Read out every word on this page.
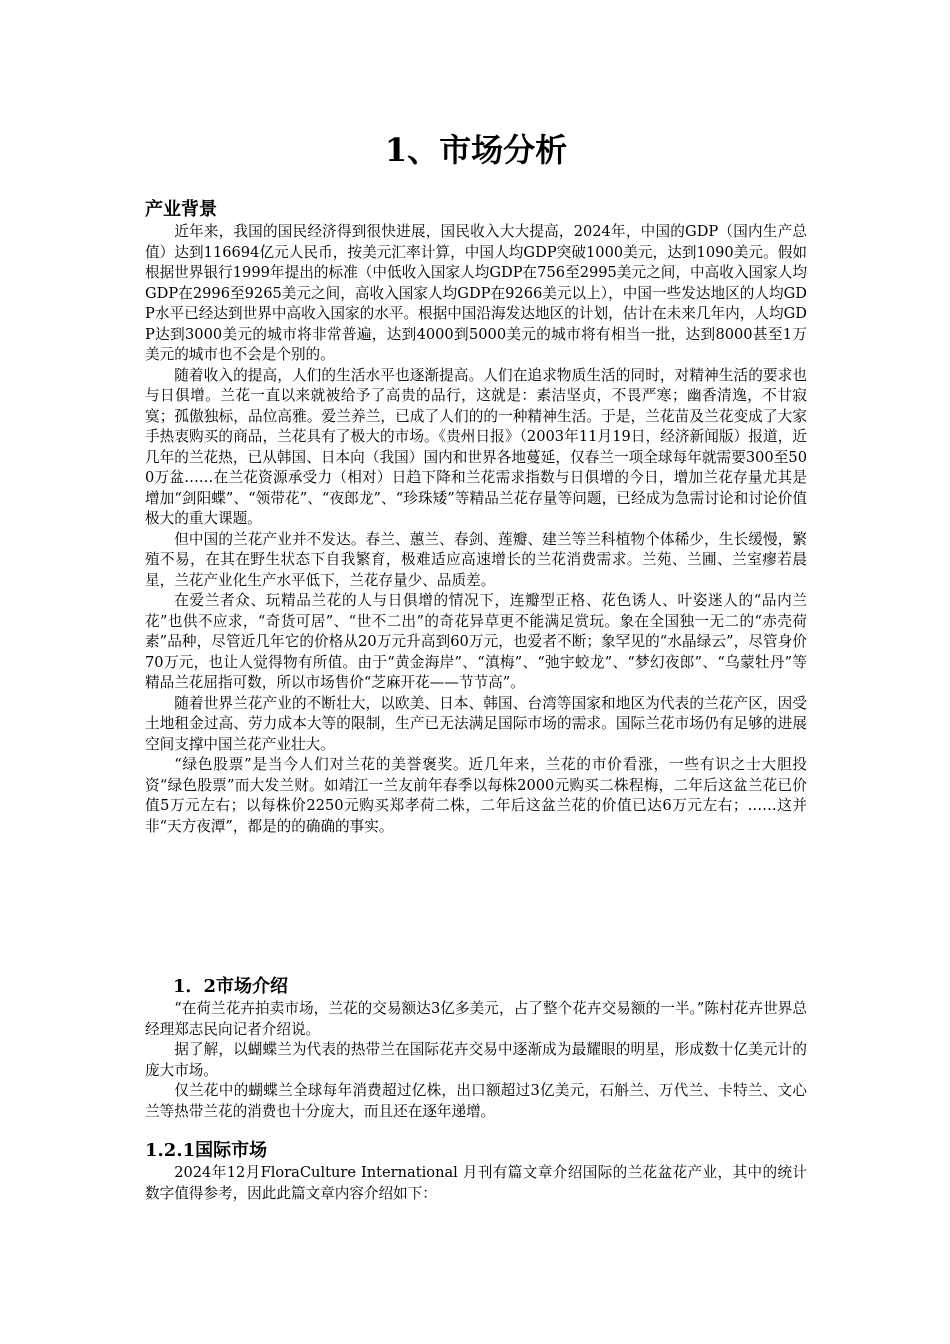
1、市场分析
产业背景

近年来，我国的国民经济得到很快进展，国民收入大大提高，2024年，中国的GDP（国内生产总值）达到116694亿元人民币，按美元汇率计算，中国人均GDP突破1000美元，达到1090美元。假如根据世界银行1999年提出的标准（中低收入国家人均GDP在756至2995美元之间，中高收入国家人均GDP在2996至9265美元之间，高收入国家人均GDP在9266美元以上），中国一些发达地区的人均GDP水平已经达到世界中高收入国家的水平。根据中国沿海发达地区的计划，估计在未来几年内，人均GDP达到3000美元的城市将非常普遍，达到4000到5000美元的城市将有相当一批，达到8000甚至1万美元的城市也不会是个别的。

随着收入的提高，人们的生活水平也逐渐提高。人们在追求物质生活的同时，对精神生活的要求也与日俱增。兰花一直以来就被给予了高贵的品行，这就是：素洁坚贞，不畏严寒；幽香清逸，不甘寂寞；孤傲独标，品位高雅。爱兰养兰，已成了人们的的一种精神生活。于是，兰花苗及兰花变成了大家手热衷购买的商品，兰花具有了极大的市场。《贵州日报》（2003年11月19日，经济新闻版）报道，近几年的兰花热，已从韩国、日本向（我国）国内和世界各地蔓延，仅春兰一项全球每年就需要300至500万盆……在兰花资源承受力（相对）日趋下降和兰花需求指数与日俱增的今日，增加兰花存量尤其是增加“剑阳蝶”、“领带花”、“夜郎龙”、“珍珠矮”等精品兰花存量等问题，已经成为急需讨论和讨论价值极大的重大课题。

但中国的兰花产业并不发达。春兰、蕙兰、春剑、莲瓣、建兰等兰科植物个体稀少，生长缓慢，繁殖不易，在其在野生状态下自我繁育，极难适应高速增长的兰花消费需求。兰苑、兰圃、兰室瘳若晨星，兰花产业化生产水平低下，兰花存量少、品质差。

在爱兰者众、玩精品兰花的人与日俱增的情况下，连瓣型正格、花色诱人、叶姿迷人的“品内兰花”也供不应求，“奇货可居”、“世不二出”的奇花异草更不能满足赏玩。象在全国独一无二的“赤壳荷素”品种，尽管近几年它的价格从20万元升高到60万元，也爱者不断；象罕见的“水晶绿云”，尽管身价70万元，也让人觉得物有所值。由于“黄金海岸”、“滇梅”、“弛宇蛟龙”、“梦幻夜郎”、“乌蒙牡丹”等精品兰花屈指可数，所以市场售价“芝麻开花——节节高”。

随着世界兰花产业的不断壮大，以欧美、日本、韩国、台湾等国家和地区为代表的兰花产区，因受土地租金过高、劳力成本大等的限制，生产已无法满足国际市场的需求。国际兰花市场仍有足够的进展空间支撑中国兰花产业壮大。

“绿色股票”是当今人们对兰花的美誉褒奖。近几年来，兰花的市价看涨，一些有识之士大胆投资“绿色股票”而大发兰财。如靖江一兰友前年春季以每株2000元购买二株程梅，二年后这盆兰花已价值5万元左右；以每株价2250元购买郑孝荷二株，二年后这盆兰花的价值已达6万元左右；……这并非“天方夜潭”，都是的的确确的事实。

1．2市场介绍

“在荷兰花卉拍卖市场，兰花的交易额达3亿多美元，占了整个花卉交易额的一半。”陈村花卉世界总经理郑志民向记者介绍说。

据了解，以蝴蝶兰为代表的热带兰在国际花卉交易中逐渐成为最耀眼的明星，形成数十亿美元计的庞大市场。

仅兰花中的蝴蝶兰全球每年消费超过亿株，出口额超过3亿美元，石斛兰、万代兰、卡特兰、文心兰等热带兰花的消费也十分庞大，而且还在逐年递增。

1.2.1国际市场

2024年12月FloraCulture International 月刊有篇文章介绍国际的兰花盆花产业，其中的统计数字值得参考，因此此篇文章内容介绍如下：
